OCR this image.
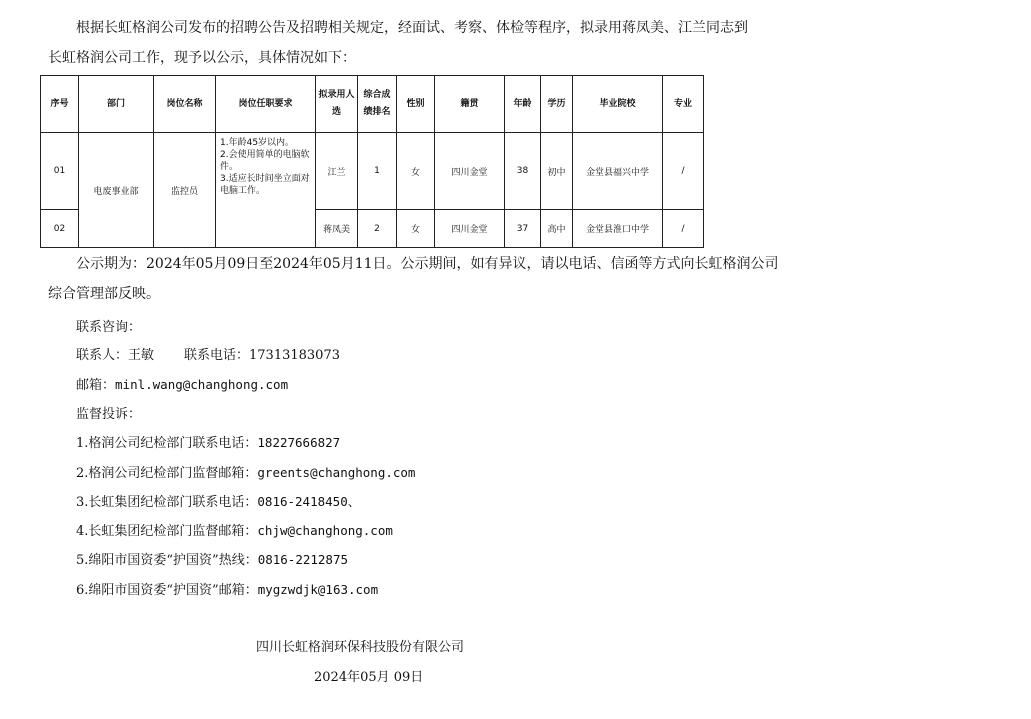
根据长虹格润公司发布的招聘公告及招聘相关规定，经面试、考察、体检等程序，拟录用蒋凤美、江兰同志到

长虹格润公司工作，现予以公示，具体情况如下：

序号	部门	岗位名称	岗位任职要求	拟录用人选	综合成绩排名	性别	籍贯	年龄	学历	毕业院校	专业
01	电废事业部	监控员	1.年龄45岁以内。
2.会使用简单的电脑软件。
3.适应长时间坐立面对电脑工作。	江兰	1	女	四川金堂	38	初中	金堂县福兴中学	/
02				蒋凤美	2	女	四川金堂	37	高中	金堂县淮口中学	/

公示期为：2024年05月09日至2024年05月11日。公示期间，如有异议，请以电话、信函等方式向长虹格润公司

综合管理部反映。

联系咨询：

联系人：王敏 联系电话：17313183073

邮箱：minl.wang@changhong.com

监督投诉：

1.格润公司纪检部门联系电话：18227666827

2.格润公司纪检部门监督邮箱：greents@changhong.com

3.长虹集团纪检部门联系电话：0816-2418450、

4.长虹集团纪检部门监督邮箱：chjw@changhong.com

5.绵阳市国资委“护国资”热线：0816-2212875

6.绵阳市国资委“护国资”邮箱：mygzwdjk@163.com

四川长虹格润环保科技股份有限公司

2024年05月 09日
